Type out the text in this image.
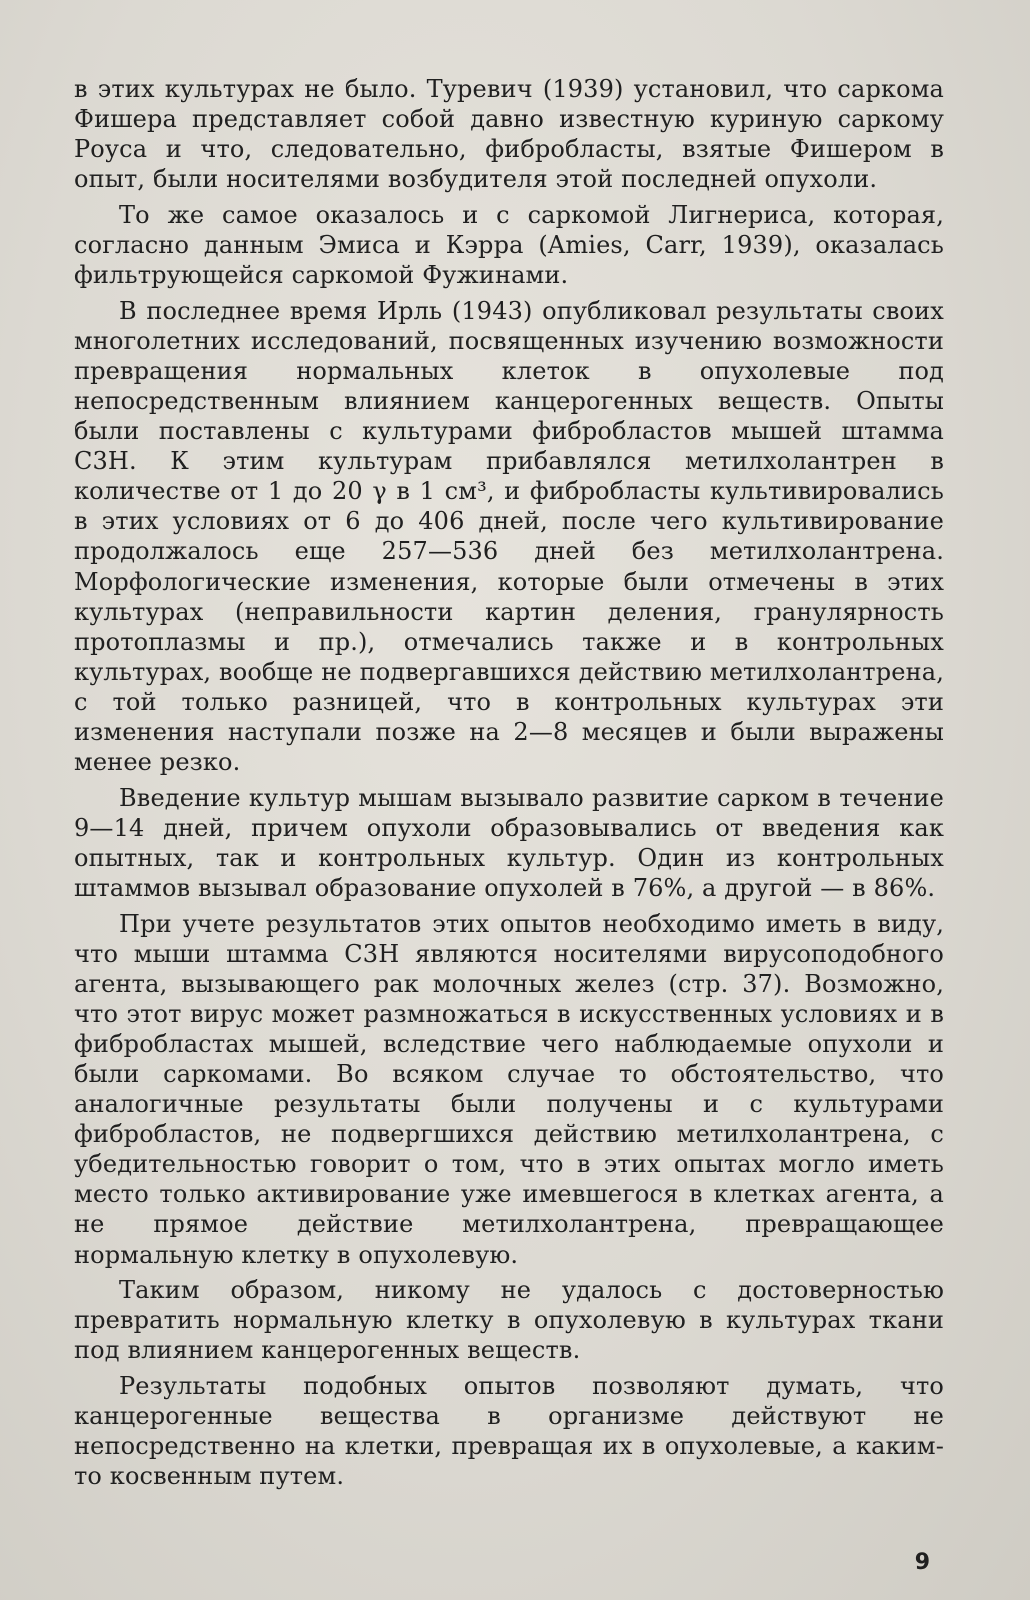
в этих культурах не было. Туревич (1939) установил, что саркома Фишера представляет собой давно известную куриную саркому Роуса и что, следовательно, фибробласты, взятые Фишером в опыт, были носителями возбудителя этой последней опухоли.

То же самое оказалось и с саркомой Лигнериса, которая, согласно данным Эмиса и Кэрра (Amies, Carr, 1939), оказалась фильтрующейся саркомой Фужинами.

В последнее время Ирль (1943) опубликовал результаты своих многолетних исследований, посвященных изучению возможности превращения нормальных клеток в опухолевые под непосредственным влиянием канцерогенных веществ. Опыты были поставлены с культурами фибробластов мышей штамма С3Н. К этим культурам прибавлялся метилхолантрен в количестве от 1 до 20 γ в 1 см³, и фибробласты культивировались в этих условиях от 6 до 406 дней, после чего культивирование продолжалось еще 257—536 дней без метилхолантрена. Морфологические изменения, которые были отмечены в этих культурах (неправильности картин деления, гранулярность протоплазмы и пр.), отмечались также и в контрольных культурах, вообще не подвергавшихся действию метилхолантрена, с той только разницей, что в контрольных культурах эти изменения наступали позже на 2—8 месяцев и были выражены менее резко.

Введение культур мышам вызывало развитие сарком в течение 9—14 дней, причем опухоли образовывались от введения как опытных, так и контрольных культур. Один из контрольных штаммов вызывал образование опухолей в 76%, а другой — в 86%.

При учете результатов этих опытов необходимо иметь в виду, что мыши штамма С3Н являются носителями вирусоподобного агента, вызывающего рак молочных желез (стр. 37). Возможно, что этот вирус может размножаться в искусственных условиях и в фибробластах мышей, вследствие чего наблюдаемые опухоли и были саркомами. Во всяком случае то обстоятельство, что аналогичные результаты были получены и с культурами фибробластов, не подвергшихся действию метилхолантрена, с убедительностью говорит о том, что в этих опытах могло иметь место только активирование уже имевшегося в клетках агента, а не прямое действие метилхолантрена, превращающее нормальную клетку в опухолевую.

Таким образом, никому не удалось с достоверностью превратить нормальную клетку в опухолевую в культурах ткани под влиянием канцерогенных веществ.

Результаты подобных опытов позволяют думать, что канцерогенные вещества в организме действуют не непосредственно на клетки, превращая их в опухолевые, а каким-то косвенным путем.

9
